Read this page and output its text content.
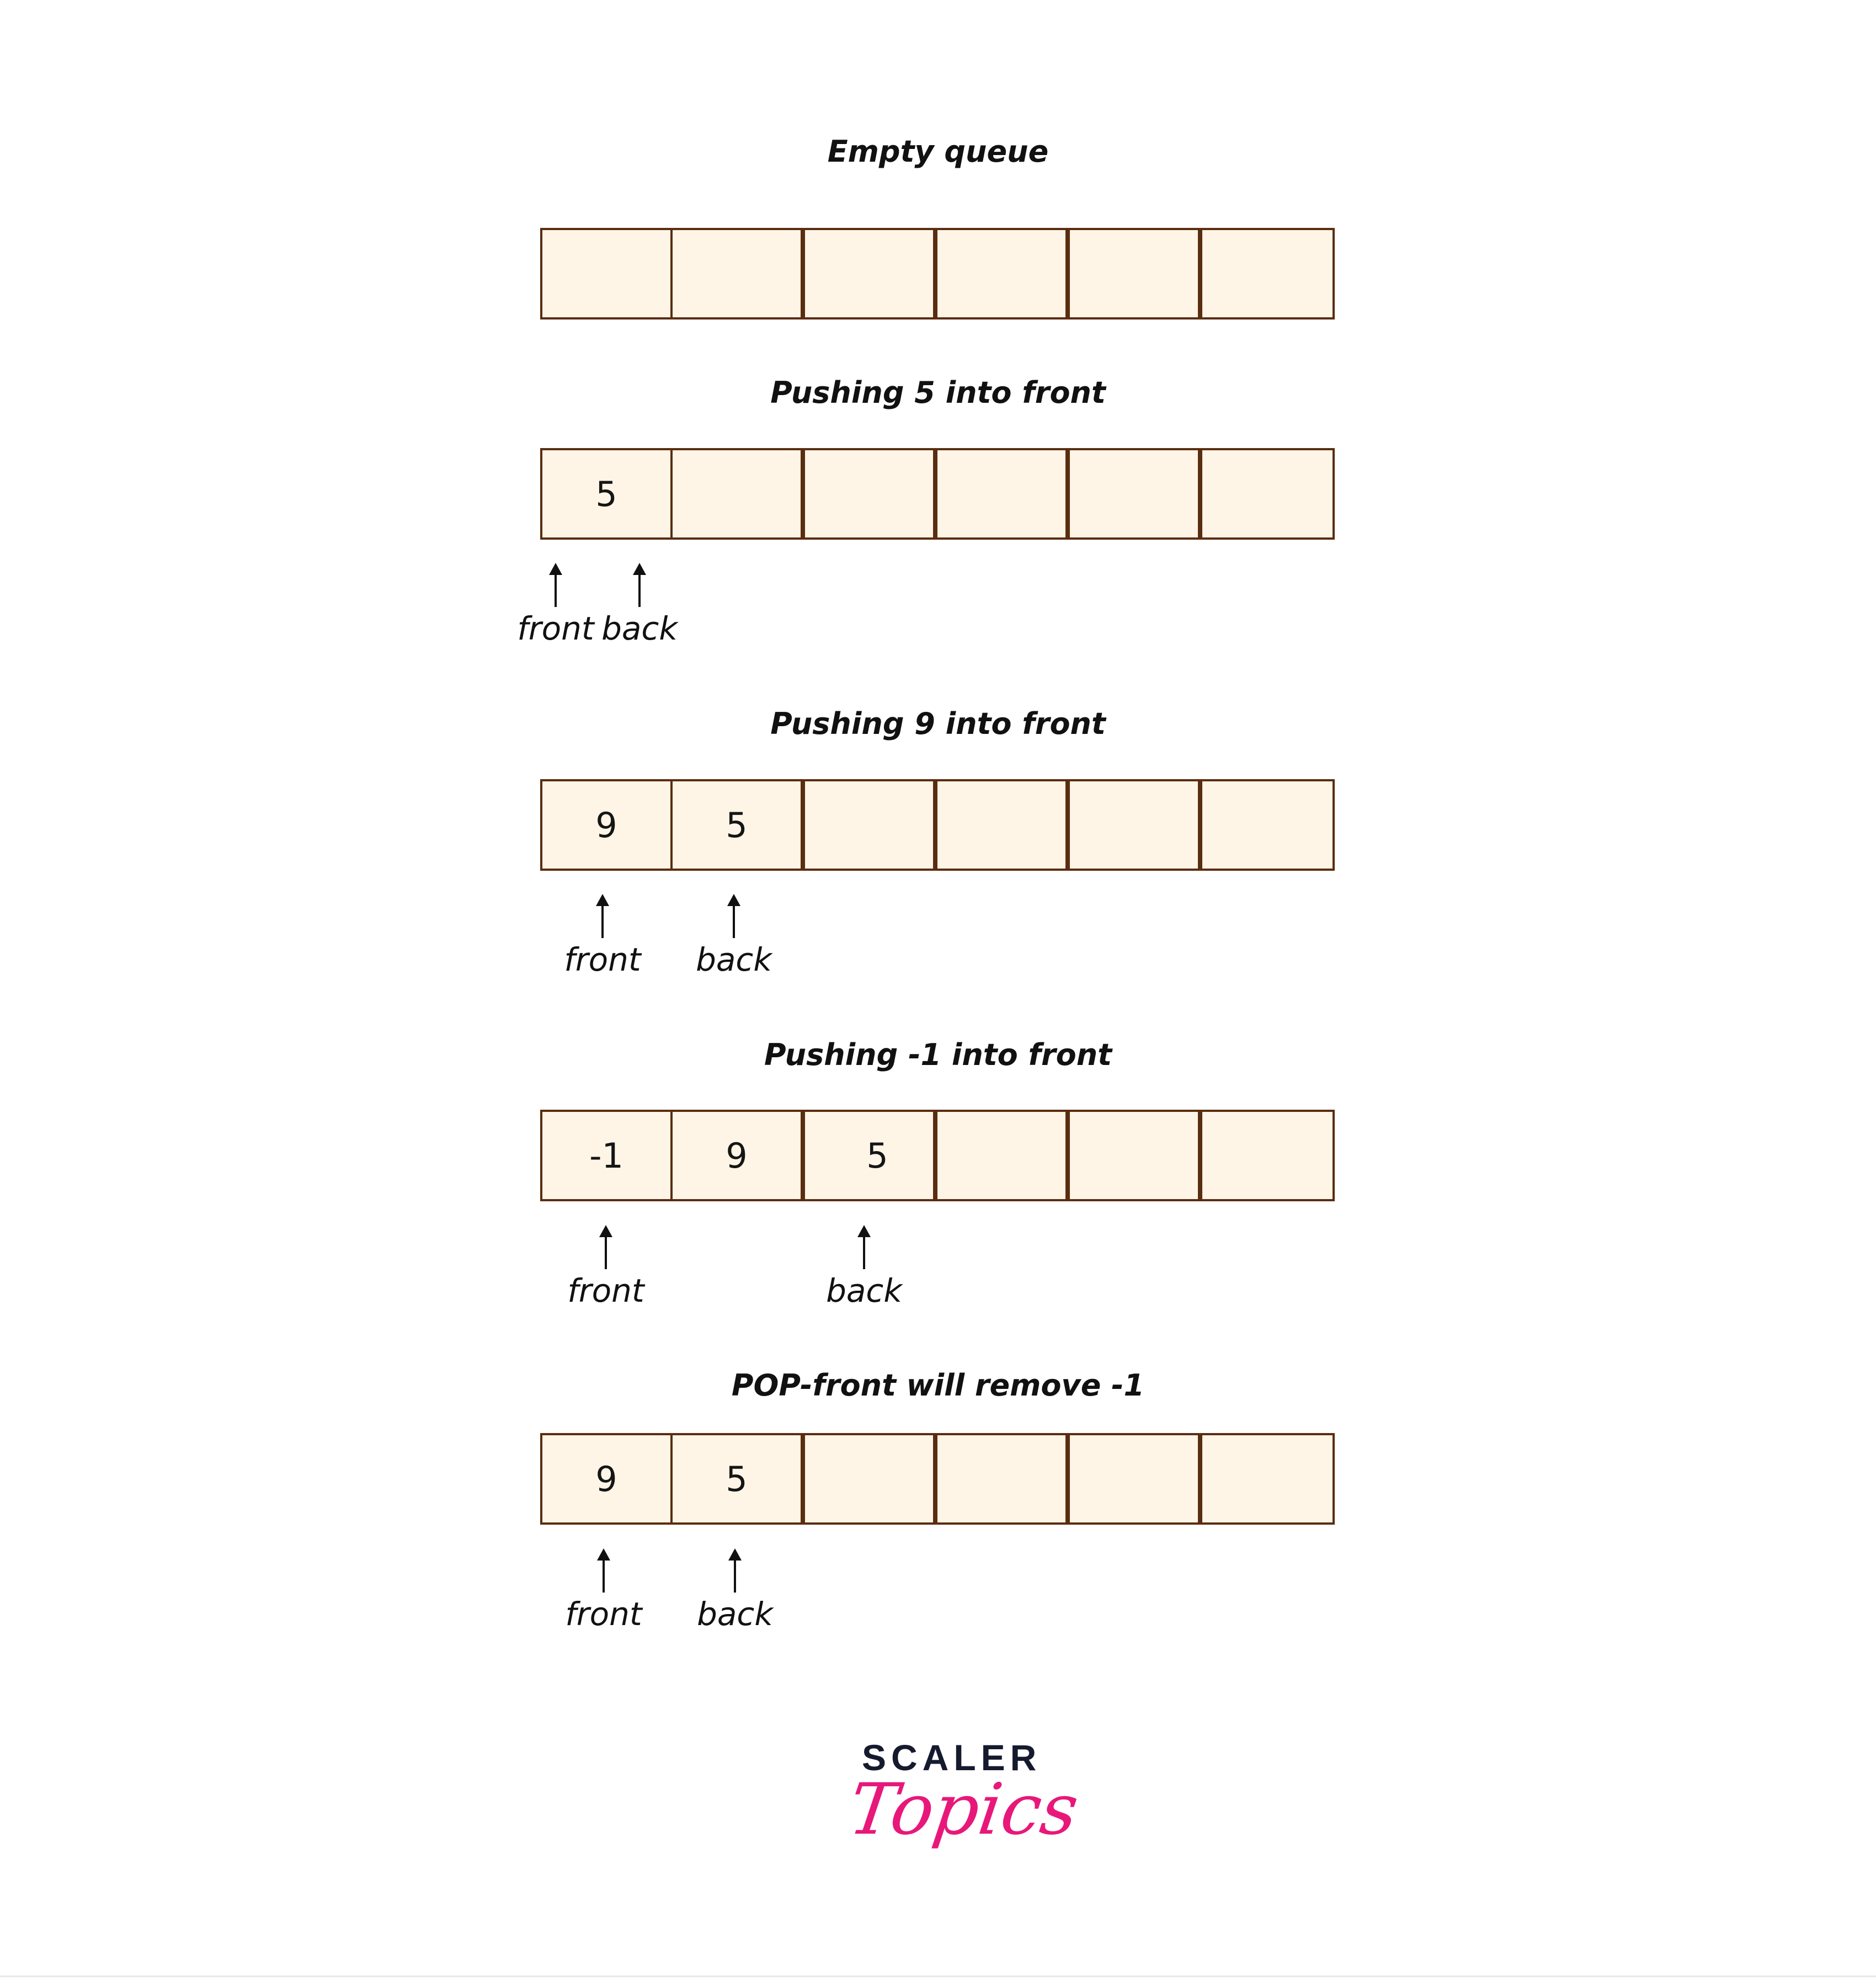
Empty queue
Pushing 5 into front
5
front back
Pushing 9 into front
9	5
front	back
Pushing -1 into front
-1	9	5
front	back
POP-front will remove -1
9	5
front	back
SCALER
Topics
